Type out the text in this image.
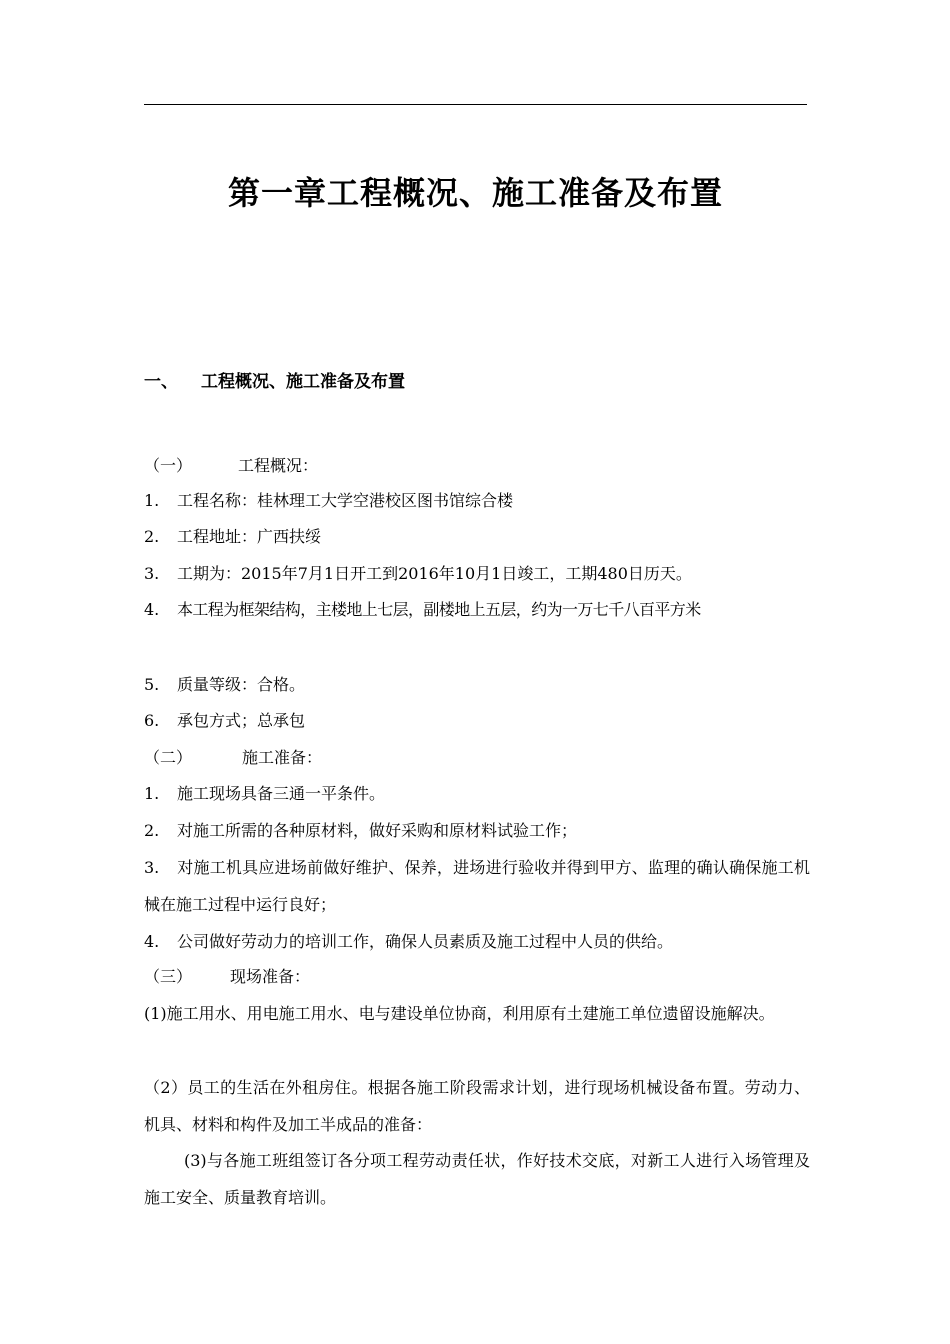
第一章工程概况、施工准备及布置
一、 工程概况、施工准备及布置
（一）	工程概况：
1. 工程名称：桂林理工大学空港校区图书馆综合楼
2. 工程地址：广西扶绥
3. 工期为：2015年7月1日开工到2016年10月1日竣工，工期480日历天。
4. 本工程为框架结构，主楼地上七层，副楼地上五层，约为一万七千八百平方米
5. 质量等级：合格。
6. 承包方式；总承包
（二）	施工准备：
1. 施工现场具备三通一平条件。
2. 对施工所需的各种原材料，做好采购和原材料试验工作；
3. 对施工机具应进场前做好维护、保养，进场进行验收并得到甲方、监理的确认确保施工机械在施工过程中运行良好；
4. 公司做好劳动力的培训工作，确保人员素质及施工过程中人员的供给。
（三） 现场准备：
(1)施工用水、用电施工用水、电与建设单位协商，利用原有土建施工单位遗留设施解决。
（2）员工的生活在外租房住。根据各施工阶段需求计划，进行现场机械设备布置。劳动力、机具、材料和构件及加工半成品的准备：
(3)与各施工班组签订各分项工程劳动责任状，作好技术交底，对新工人进行入场管理及施工安全、质量教育培训。
